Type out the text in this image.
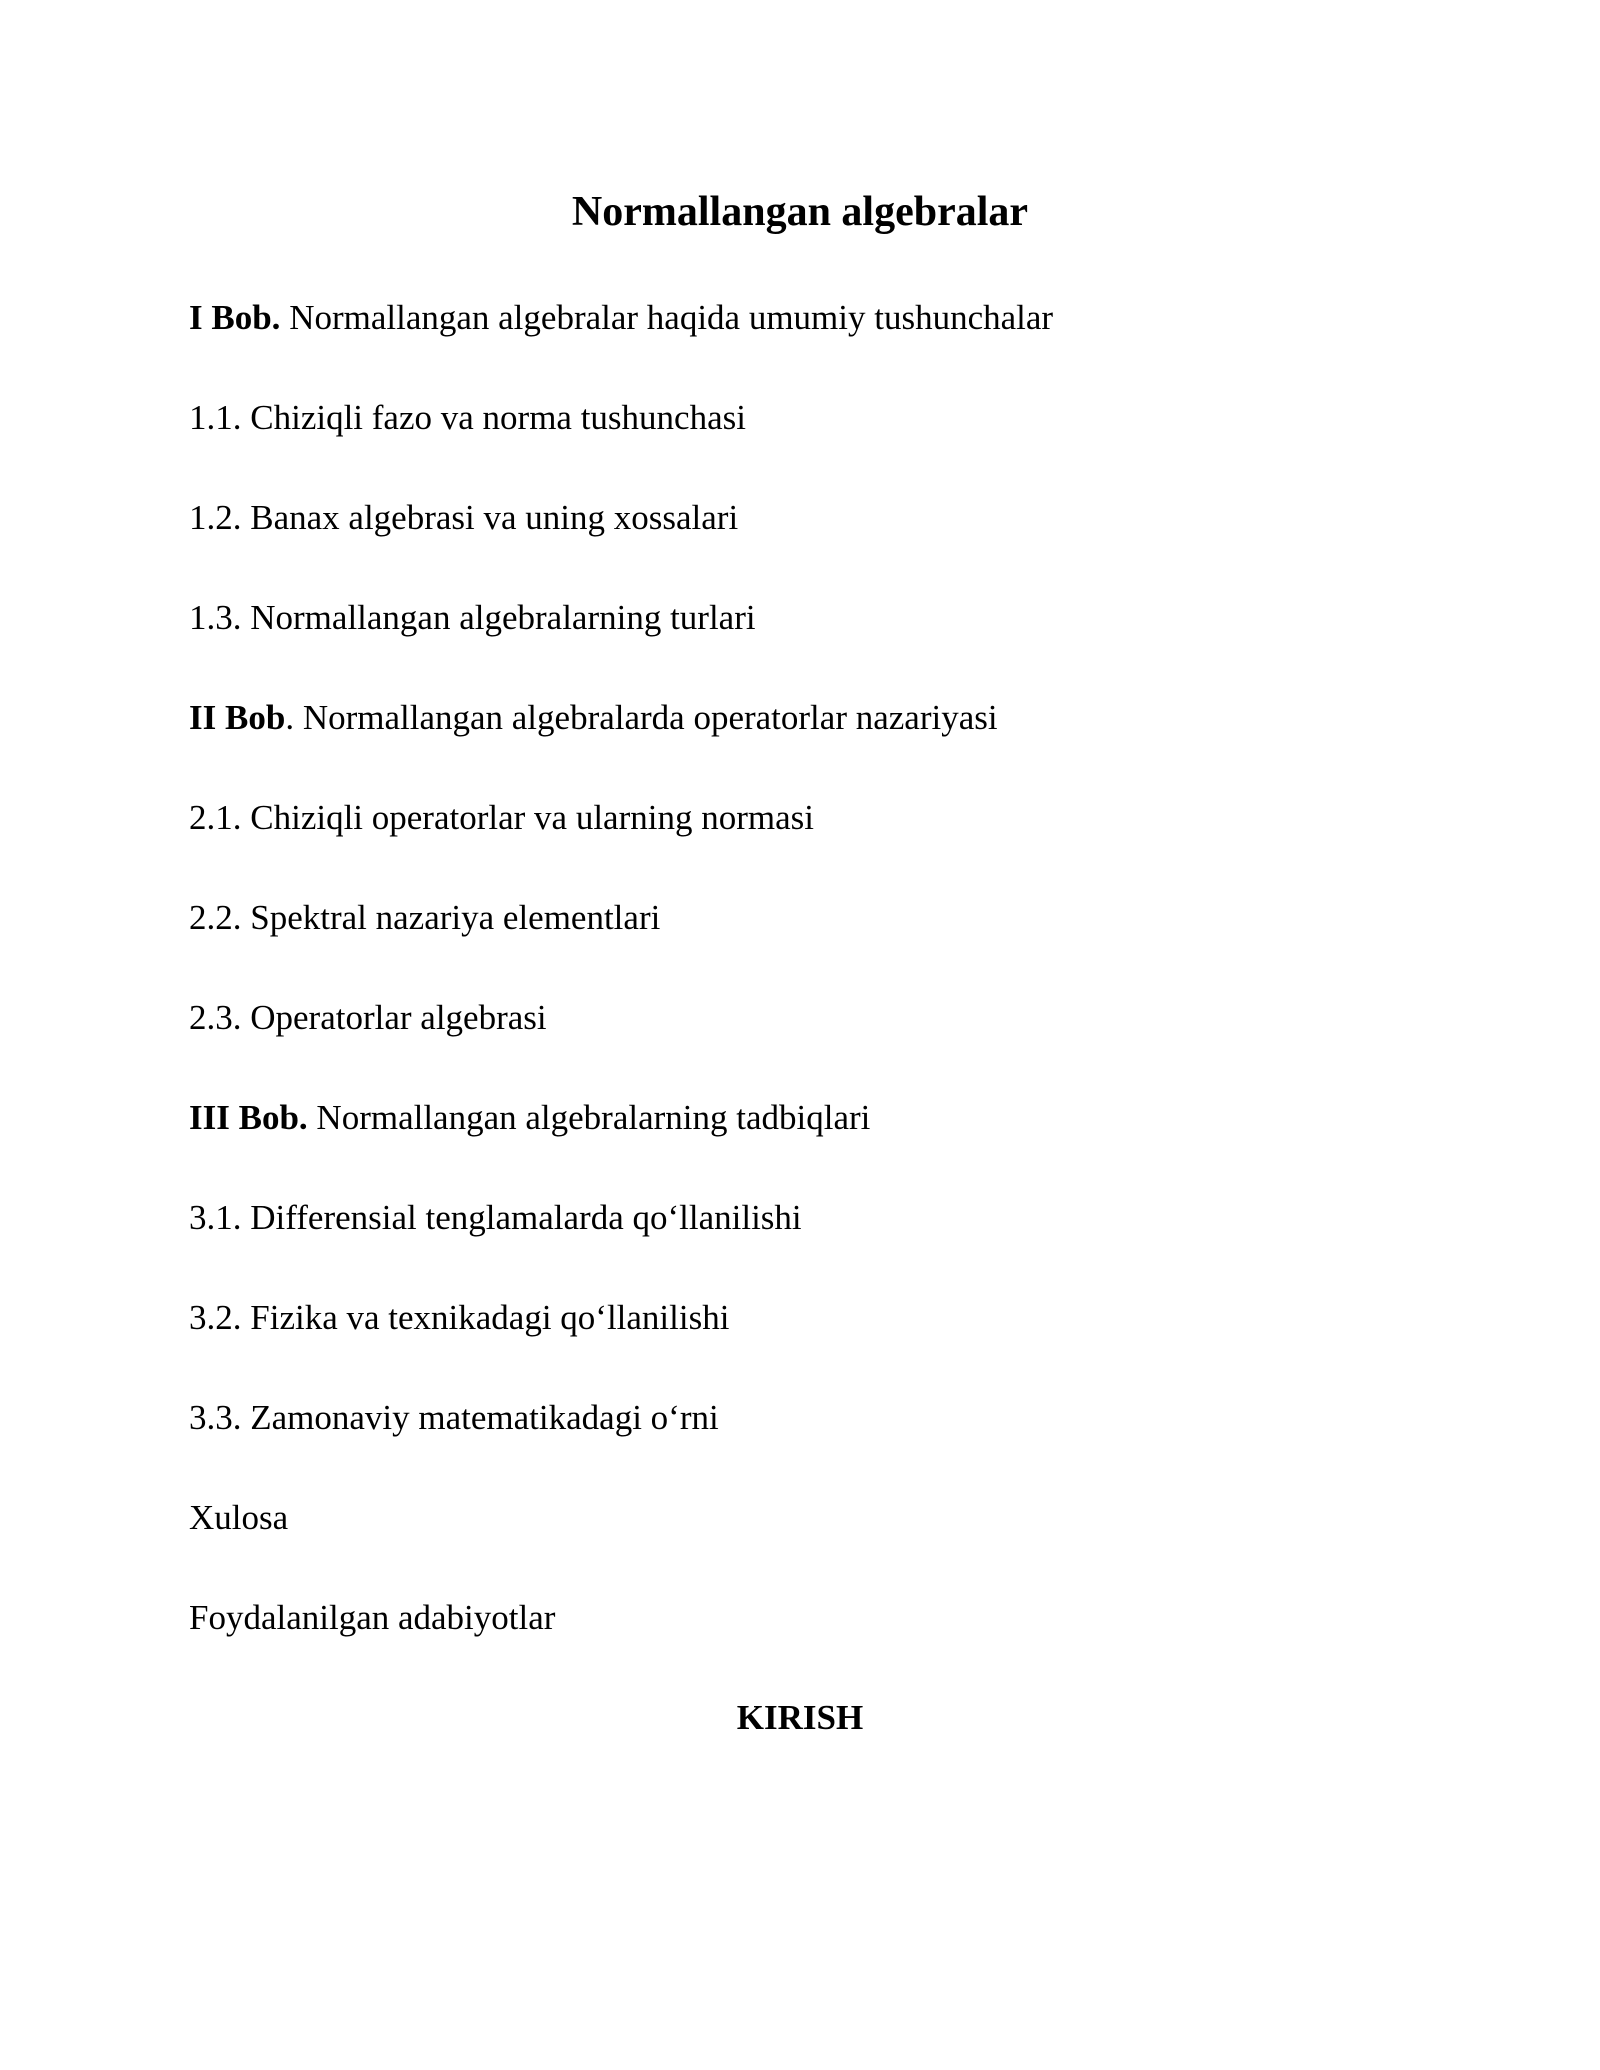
Normallangan algebralar
I Bob. Normallangan algebralar haqida umumiy tushunchalar
1.1. Chiziqli fazo va norma tushunchasi
1.2. Banax algebrasi va uning xossalari
1.3. Normallangan algebralarning turlari
II Bob. Normallangan algebralarda operatorlar nazariyasi
2.1. Chiziqli operatorlar va ularning normasi
2.2. Spektral nazariya elementlari
2.3. Operatorlar algebrasi
III Bob. Normallangan algebralarning tadbiqlari
3.1. Differensial tenglamalarda qo‘llanilishi
3.2. Fizika va texnikadagi qo‘llanilishi
3.3. Zamonaviy matematikadagi o‘rni
Xulosa
Foydalanilgan adabiyotlar
KIRISH
